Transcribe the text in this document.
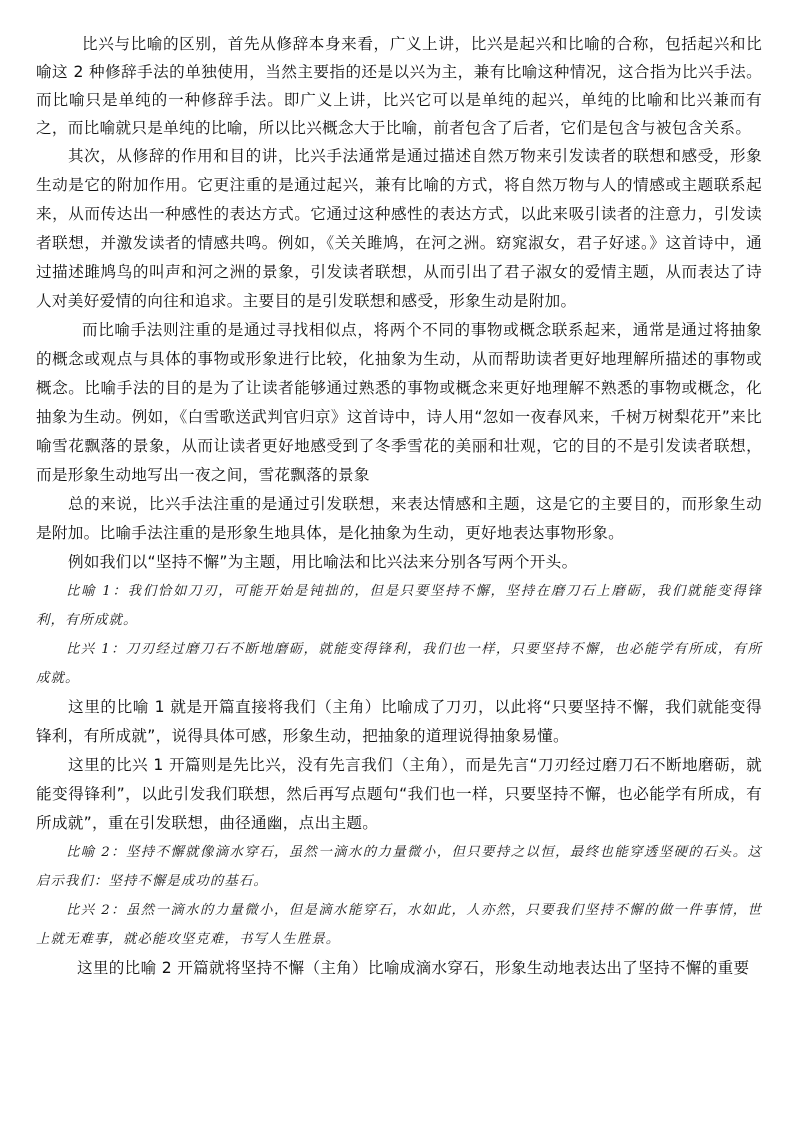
比兴与比喻的区别，首先从修辞本身来看，广义上讲，比兴是起兴和比喻的合称，包括起兴和比喻这 2 种修辞手法的单独使用，当然主要指的还是以兴为主，兼有比喻这种情况，这合指为比兴手法。而比喻只是单纯的一种修辞手法。即广义上讲，比兴它可以是单纯的起兴，单纯的比喻和比兴兼而有之，而比喻就只是单纯的比喻，所以比兴概念大于比喻，前者包含了后者，它们是包含与被包含关系。

其次，从修辞的作用和目的讲，比兴手法通常是通过描述自然万物来引发读者的联想和感受，形象生动是它的附加作用。它更注重的是通过起兴，兼有比喻的方式，将自然万物与人的情感或主题联系起来，从而传达出一种感性的表达方式。它通过这种感性的表达方式，以此来吸引读者的注意力，引发读者联想，并激发读者的情感共鸣。例如，《关关雎鸠，在河之洲。窈窕淑女，君子好逑。》这首诗中，通过描述雎鸠鸟的叫声和河之洲的景象，引发读者联想，从而引出了君子淑女的爱情主题，从而表达了诗人对美好爱情的向往和追求。主要目的是引发联想和感受，形象生动是附加。

而比喻手法则注重的是通过寻找相似点，将两个不同的事物或概念联系起来，通常是通过将抽象的概念或观点与具体的事物或形象进行比较，化抽象为生动，从而帮助读者更好地理解所描述的事物或概念。比喻手法的目的是为了让读者能够通过熟悉的事物或概念来更好地理解不熟悉的事物或概念，化抽象为生动。例如，《白雪歌送武判官归京》这首诗中，诗人用“忽如一夜春风来，千树万树梨花开”来比喻雪花飘落的景象，从而让读者更好地感受到了冬季雪花的美丽和壮观，它的目的不是引发读者联想，而是形象生动地写出一夜之间，雪花飘落的景象

总的来说，比兴手法注重的是通过引发联想，来表达情感和主题，这是它的主要目的，而形象生动是附加。比喻手法注重的是形象生地具体，是化抽象为生动，更好地表达事物形象。

例如我们以“坚持不懈”为主题，用比喻法和比兴法来分别各写两个开头。

比喻 1：我们恰如刀刃，可能开始是钝拙的，但是只要坚持不懈，坚持在磨刀石上磨砺，我们就能变得锋利，有所成就。

比兴 1：刀刃经过磨刀石不断地磨砺，就能变得锋利，我们也一样，只要坚持不懈，也必能学有所成，有所成就。

这里的比喻 1 就是开篇直接将我们（主角）比喻成了刀刃，以此将“只要坚持不懈，我们就能变得锋利，有所成就”，说得具体可感，形象生动，把抽象的道理说得抽象易懂。

这里的比兴 1 开篇则是先比兴，没有先言我们（主角），而是先言“刀刃经过磨刀石不断地磨砺，就能变得锋利”，以此引发我们联想，然后再写点题句“我们也一样，只要坚持不懈，也必能学有所成，有所成就”，重在引发联想，曲径通幽，点出主题。

比喻 2：坚持不懈就像滴水穿石，虽然一滴水的力量微小，但只要持之以恒，最终也能穿透坚硬的石头。这启示我们：坚持不懈是成功的基石。

比兴 2：虽然一滴水的力量微小，但是滴水能穿石，水如此，人亦然，只要我们坚持不懈的做一件事情，世上就无难事，就必能攻坚克难，书写人生胜景。

这里的比喻 2 开篇就将坚持不懈（主角）比喻成滴水穿石，形象生动地表达出了坚持不懈的重要
